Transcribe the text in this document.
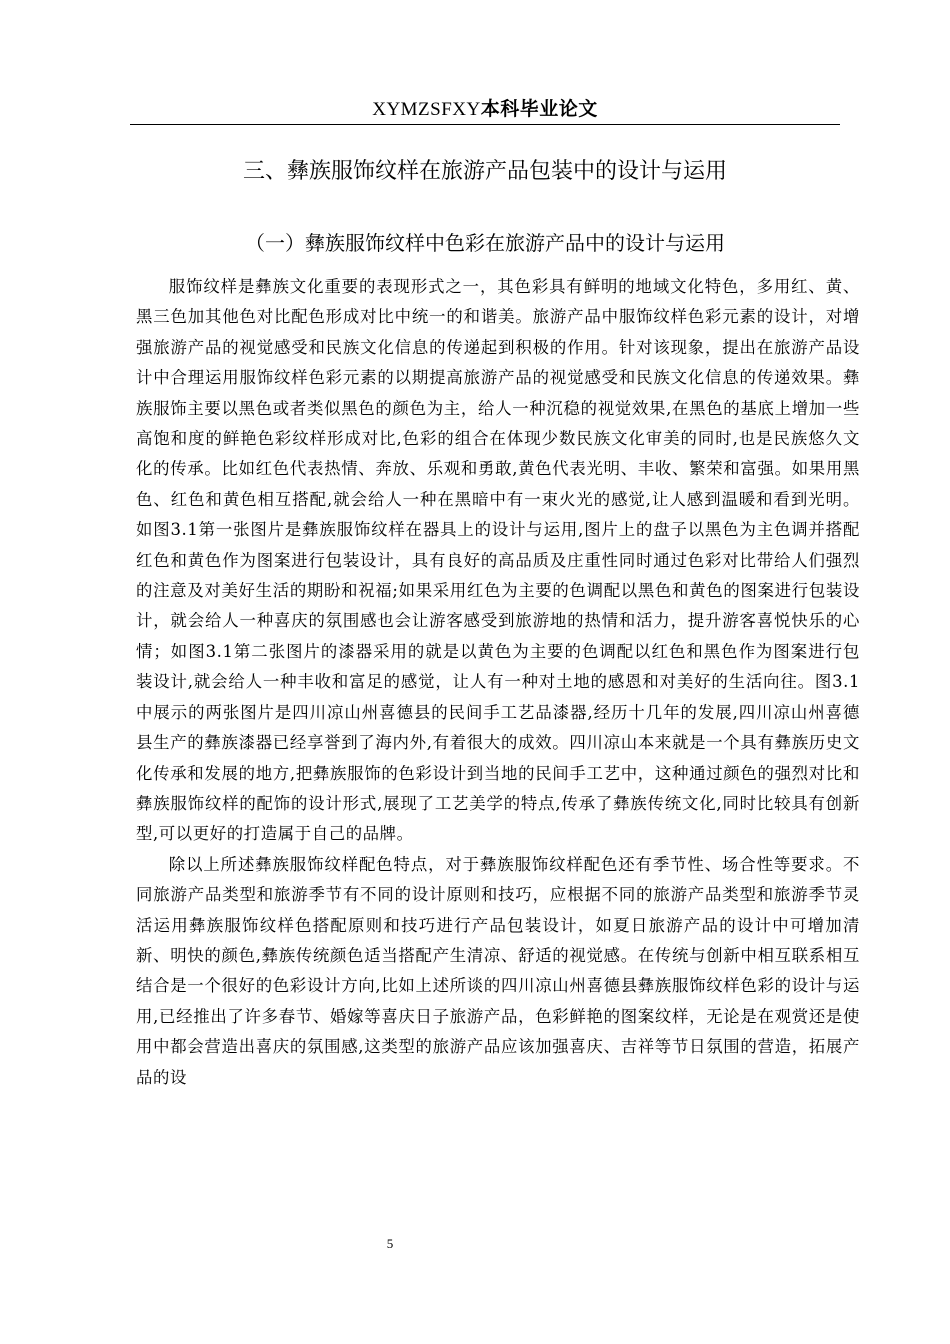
XYMZSFXY本科毕业论文
三、彝族服饰纹样在旅游产品包装中的设计与运用
（一）彝族服饰纹样中色彩在旅游产品中的设计与运用

服饰纹样是彝族文化重要的表现形式之一，其色彩具有鲜明的地域文化特色，多用红、黄、黑三色加其他色对比配色形成对比中统一的和谐美。旅游产品中服饰纹样色彩元素的设计，对增强旅游产品的视觉感受和民族文化信息的传递起到积极的作用。针对该现象，提出在旅游产品设计中合理运用服饰纹样色彩元素的以期提高旅游产品的视觉感受和民族文化信息的传递效果。彝族服饰主要以黑色或者类似黑色的颜色为主，给人一种沉稳的视觉效果,在黑色的基底上增加一些高饱和度的鲜艳色彩纹样形成对比,色彩的组合在体现少数民族文化审美的同时,也是民族悠久文化的传承。比如红色代表热情、奔放、乐观和勇敢,黄色代表光明、丰收、繁荣和富强。如果用黑色、红色和黄色相互搭配,就会给人一种在黑暗中有一束火光的感觉,让人感到温暖和看到光明。如图3.1第一张图片是彝族服饰纹样在器具上的设计与运用,图片上的盘子以黑色为主色调并搭配红色和黄色作为图案进行包装设计，具有良好的高品质及庄重性同时通过色彩对比带给人们强烈的注意及对美好生活的期盼和祝福;如果采用红色为主要的色调配以黑色和黄色的图案进行包装设计，就会给人一种喜庆的氛围感也会让游客感受到旅游地的热情和活力，提升游客喜悦快乐的心情；如图3.1第二张图片的漆器采用的就是以黄色为主要的色调配以红色和黑色作为图案进行包装设计,就会给人一种丰收和富足的感觉，让人有一种对土地的感恩和对美好的生活向往。图3.1中展示的两张图片是四川凉山州喜德县的民间手工艺品漆器,经历十几年的发展,四川凉山州喜德县生产的彝族漆器已经享誉到了海内外,有着很大的成效。四川凉山本来就是一个具有彝族历史文化传承和发展的地方,把彝族服饰的色彩设计到当地的民间手工艺中，这种通过颜色的强烈对比和彝族服饰纹样的配饰的设计形式,展现了工艺美学的特点,传承了彝族传统文化,同时比较具有创新型,可以更好的打造属于自己的品牌。

除以上所述彝族服饰纹样配色特点，对于彝族服饰纹样配色还有季节性、场合性等要求。不同旅游产品类型和旅游季节有不同的设计原则和技巧，应根据不同的旅游产品类型和旅游季节灵活运用彝族服饰纹样色搭配原则和技巧进行产品包装设计，如夏日旅游产品的设计中可增加清新、明快的颜色,彝族传统颜色适当搭配产生清凉、舒适的视觉感。在传统与创新中相互联系相互结合是一个很好的色彩设计方向,比如上述所谈的四川凉山州喜德县彝族服饰纹样色彩的设计与运用,已经推出了许多春节、婚嫁等喜庆日子旅游产品，色彩鲜艳的图案纹样，无论是在观赏还是使用中都会营造出喜庆的氛围感,这类型的旅游产品应该加强喜庆、吉祥等节日氛围的营造，拓展产品的设

5
